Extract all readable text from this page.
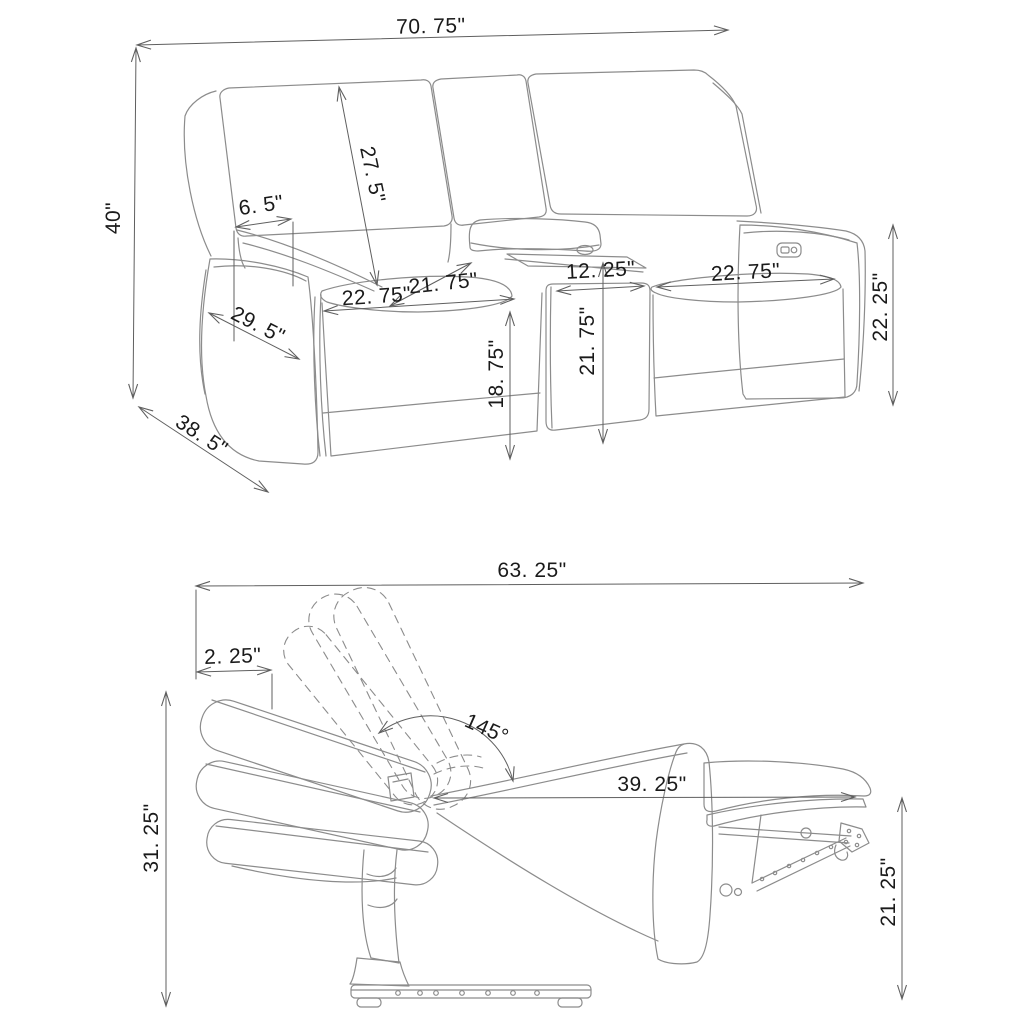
70. 75"
40"
27. 5"
6. 5"
22. 75"
21. 75"
29. 5"
38. 5"
12. 25"
21. 75"
18. 75"
22. 75"	22. 25"
63. 25"
2. 25"
145°
39. 25"
31. 25"
21. 25"
